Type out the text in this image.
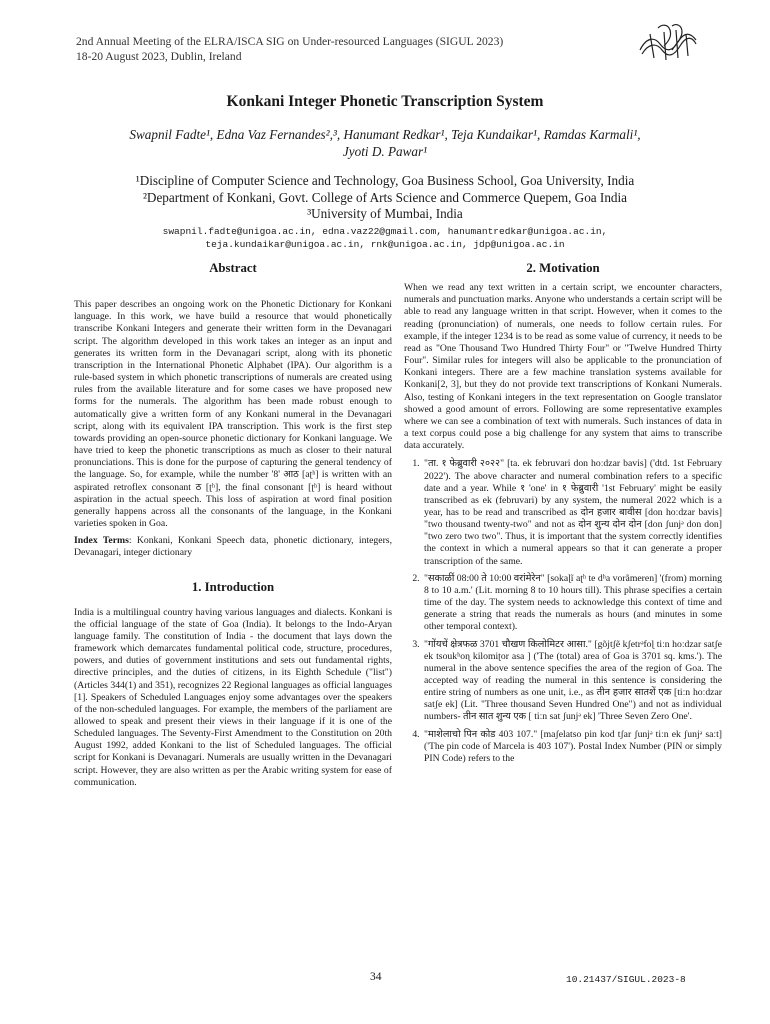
2nd Annual Meeting of the ELRA/ISCA SIG on Under-resourced Languages (SIGUL 2023)
18-20 August 2023, Dublin, Ireland
Konkani Integer Phonetic Transcription System
Swapnil Fadte¹, Edna Vaz Fernandes²,³, Hanumant Redkar¹, Teja Kundaikar¹, Ramdas Karmali¹,
Jyoti D. Pawar¹
¹Discipline of Computer Science and Technology, Goa Business School, Goa University, India
²Department of Konkani, Govt. College of Arts Science and Commerce Quepem, Goa India
³University of Mumbai, India
swapnil.fadte@unigoa.ac.in, edna.vaz22@gmail.com, hanumantredkar@unigoa.ac.in,
teja.kundaikar@unigoa.ac.in, rnk@unigoa.ac.in, jdp@unigoa.ac.in
Abstract

This paper describes an ongoing work on the Phonetic Dictionary for Konkani language. In this work, we have build a resource that would phonetically transcribe Konkani Integers and generate their written form in the Devanagari script. The algorithm developed in this work takes an integer as an input and generates its written form in the Devanagari script, along with its phonetic transcription in the International Phonetic Alphabet (IPA). Our algorithm is a rule-based system in which phonetic transcriptions of numerals are created using rules from the available literature and for some cases we have proposed new forms for the numerals. The algorithm has been made robust enough to automatically give a written form of any Konkani numeral in the Devanagari script, along with its equivalent IPA transcription. This work is the first step towards providing an open-source phonetic dictionary for Konkani language. We have tried to keep the phonetic transcriptions as much as closer to their natural pronunciations. This is done for the purpose of capturing the general tendency of the language. So, for example, while the number '8' आठ [aʈʰ] is written with an aspirated retroflex consonant ठ [ʈʰ], the final consonant [ʈʰ] is heard without aspiration in the actual speech. This loss of aspiration at word final position generally happens across all the consonants of the language, in the Konkani varieties spoken in Goa.

Index Terms: Konkani, Konkani Speech data, phonetic dictionary, integers, Devanagari, integer dictionary

1. Introduction

India is a multilingual country having various languages and dialects. Konkani is the official language of the state of Goa (India). It belongs to the Indo-Aryan language family. The constitution of India - the document that lays down the framework which demarcates fundamental political code, structure, procedures, powers, and duties of government institutions and sets out fundamental rights, directive principles, and the duties of citizens, in its Eighth Schedule ("list") (Articles 344(1) and 351), recognizes 22 Regional languages as official languages [1]. Speakers of Scheduled Languages enjoy some advantages over the speakers of the non-scheduled languages. For example, the members of the parliament are allowed to speak and present their views in their language if it is one of the Scheduled languages. The Seventy-First Amendment to the Constitution on 20th August 1992, added Konkani to the list of Scheduled languages. The official script for Konkani is Devanagari. Numerals are usually written in the Devanagari script. However, they are also written as per the Arabic writing system for ease of communication.

2. Motivation

When we read any text written in a certain script, we encounter characters, numerals and punctuation marks. Anyone who understands a certain script will be able to read any language written in that script. However, when it comes to the reading (pronunciation) of numerals, one needs to follow certain rules. For example, if the integer 1234 is to be read as some value of currency, it needs to be read as "One Thousand Two Hundred Thirty Four" or "Twelve Hundred Thirty Four". Similar rules for integers will also be applicable to the pronunciation of Konkani integers. There are a few machine translation systems available for Konkani[2, 3], but they do not provide text transcriptions of Konkani Numerals. Also, testing of Konkani integers in the text representation on Google translator showed a good amount of errors. Following are some representative examples where we can see a combination of text with numerals. Such instances of data in a text corpus could pose a big challenge for any system that aims to transcribe data accurately.

1. "ता. १ फेब्रुवारी २०२२" [ta. ek februvari don hoːdzar bavis] ('dtd. 1st February 2022'). The above character and numeral combination refers to a specific date and a year. While १ 'one' in १ फेब्रुवारी '1st February' might be easily transcribed as ek (februvari) by any system, the numeral 2022 which is a year, has to be read and transcribed as दोन हजार बावीस [don hoːdzar bavis] "two thousand twenty-two" and not as दोन शुन्य दोन दोन [don ʃunjᵊ don don] "two zero two two". Thus, it is important that the system correctly identifies the context in which a numeral appears so that it can generate a proper transcription of the same.
2. "सकाळीं 08:00 ते 10:00 वरांमेरेन" [sokaɭĩ aʈʰ te dʰa vorãmeren] '(from) morning 8 to 10 a.m.' (Lit. morning 8 to 10 hours till). This phrase specifies a certain time of the day. The system needs to acknowledge this context of time and generate a string that reads the numerals as hours (and minutes in some other temporal context).
3. "गोंयचें क्षेत्रफळ 3701 चौखण किलोमिटर आसा." [gõjtʃẽ kʃetrᵊfoɭ tiːn hoːdzar satʃe ek tsoukʰoɳ kilomiʈor asa ] ('The (total) area of Goa is 3701 sq. kms.'). The numeral in the above sentence specifies the area of the region of Goa. The accepted way of reading the numeral in this sentence is considering the entire string of numbers as one unit, i.e., as तीन हजार सातशें एक [tiːn hoːdzar satʃe ek] (Lit. "Three thousand Seven Hundred One") and not as individual numbers- तीन सात शुन्य एक [ tiːn sat ʃunjᵊ ek] 'Three Seven Zero One'.
4. "माशेलाचो पिन कोड 403 107." [maʃelatso pin kod tʃar ʃunjᵊ tiːn ek ʃunjᵊ saːt] ('The pin code of Marcela is 403 107'). Postal Index Number (PIN or simply PIN Code) refers to the
34	10.21437/SIGUL.2023-8
